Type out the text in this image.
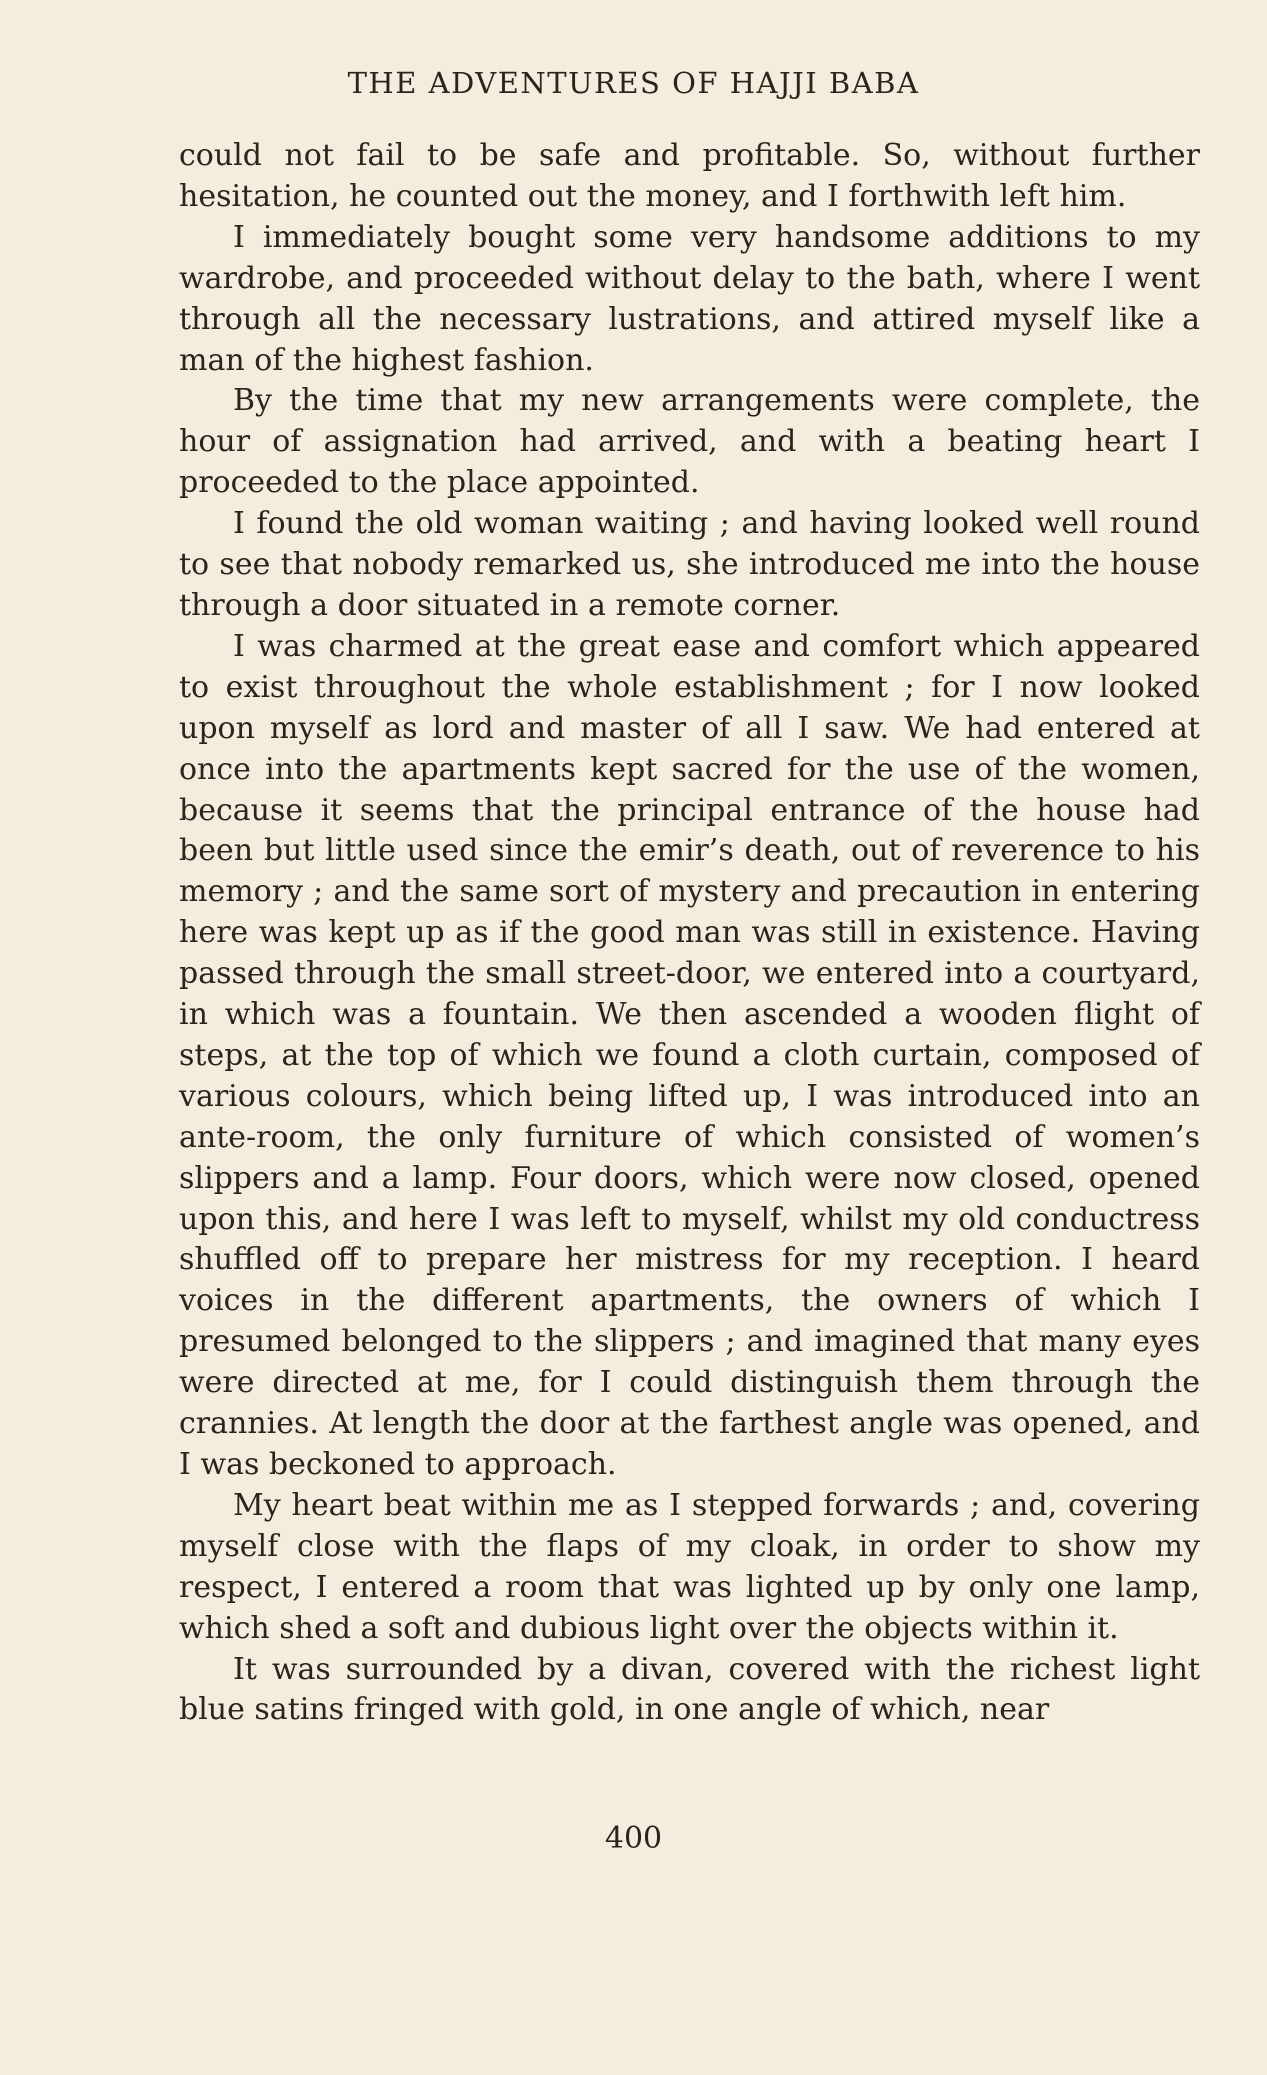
THE ADVENTURES OF HAJJI BABA

could not fail to be safe and profitable. So, without further hesitation, he counted out the money, and I forthwith left him.

I immediately bought some very handsome additions to my wardrobe, and proceeded without delay to the bath, where I went through all the necessary lustrations, and attired myself like a man of the highest fashion.

By the time that my new arrangements were complete, the hour of assignation had arrived, and with a beating heart I proceeded to the place appointed.

I found the old woman waiting ; and having looked well round to see that nobody remarked us, she introduced me into the house through a door situated in a remote corner.

I was charmed at the great ease and comfort which appeared to exist throughout the whole establishment ; for I now looked upon myself as lord and master of all I saw. We had entered at once into the apartments kept sacred for the use of the women, because it seems that the principal entrance of the house had been but little used since the emir’s death, out of reverence to his memory ; and the same sort of mystery and precaution in entering here was kept up as if the good man was still in existence. Having passed through the small street-door, we entered into a courtyard, in which was a fountain. We then ascended a wooden flight of steps, at the top of which we found a cloth curtain, composed of various colours, which being lifted up, I was introduced into an ante-room, the only furniture of which consisted of women’s slippers and a lamp. Four doors, which were now closed, opened upon this, and here I was left to myself, whilst my old conductress shuffled off to prepare her mistress for my reception. I heard voices in the different apartments, the owners of which I presumed belonged to the slippers ; and imagined that many eyes were directed at me, for I could distinguish them through the crannies. At length the door at the farthest angle was opened, and I was beckoned to approach.

My heart beat within me as I stepped forwards ; and, covering myself close with the flaps of my cloak, in order to show my respect, I entered a room that was lighted up by only one lamp, which shed a soft and dubious light over the objects within it.

It was surrounded by a divan, covered with the richest light blue satins fringed with gold, in one angle of which, near

400
